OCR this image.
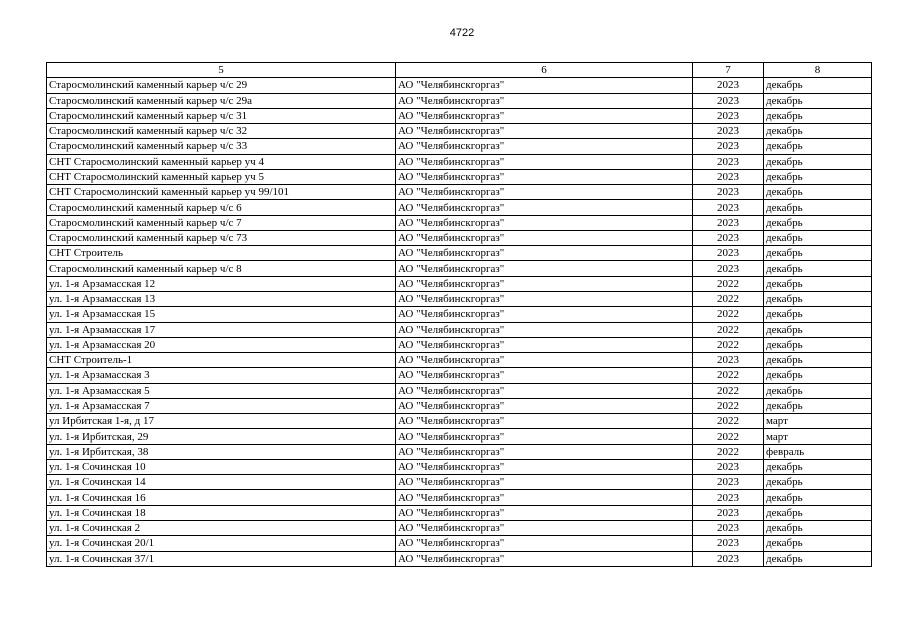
4722
5	6	7	8
Старосмолинский каменный карьер ч/с 29	АО "Челябинскгоргаз"	2023	декабрь
Старосмолинский каменный карьер ч/с 29а	АО "Челябинскгоргаз"	2023	декабрь
Старосмолинский каменный карьер ч/с 31	АО "Челябинскгоргаз"	2023	декабрь
Старосмолинский каменный карьер ч/с 32	АО "Челябинскгоргаз"	2023	декабрь
Старосмолинский каменный карьер ч/с 33	АО "Челябинскгоргаз"	2023	декабрь
СНТ Старосмолинский каменный карьер уч 4	АО "Челябинскгоргаз"	2023	декабрь
СНТ Старосмолинский каменный карьер уч 5	АО "Челябинскгоргаз"	2023	декабрь
СНТ Старосмолинский каменный карьер уч 99/101	АО "Челябинскгоргаз"	2023	декабрь
Старосмолинский каменный карьер ч/с 6	АО "Челябинскгоргаз"	2023	декабрь
Старосмолинский каменный карьер ч/с 7	АО "Челябинскгоргаз"	2023	декабрь
Старосмолинский каменный карьер ч/с 73	АО "Челябинскгоргаз"	2023	декабрь
СНТ Строитель	АО "Челябинскгоргаз"	2023	декабрь
Старосмолинский каменный карьер ч/с 8	АО "Челябинскгоргаз"	2023	декабрь
ул. 1-я Арзамасская 12	АО "Челябинскгоргаз"	2022	декабрь
ул. 1-я Арзамасская 13	АО "Челябинскгоргаз"	2022	декабрь
ул. 1-я Арзамасская 15	АО "Челябинскгоргаз"	2022	декабрь
ул. 1-я Арзамасская 17	АО "Челябинскгоргаз"	2022	декабрь
ул. 1-я Арзамасская 20	АО "Челябинскгоргаз"	2022	декабрь
СНТ Строитель-1	АО "Челябинскгоргаз"	2023	декабрь
ул. 1-я Арзамасская 3	АО "Челябинскгоргаз"	2022	декабрь
ул. 1-я Арзамасская 5	АО "Челябинскгоргаз"	2022	декабрь
ул. 1-я Арзамасская 7	АО "Челябинскгоргаз"	2022	декабрь
ул Ирбитская 1-я, д 17	АО "Челябинскгоргаз"	2022	март
ул. 1-я Ирбитская, 29	АО "Челябинскгоргаз"	2022	март
ул. 1-я Ирбитская, 38	АО "Челябинскгоргаз"	2022	февраль
ул. 1-я Сочинская 10	АО "Челябинскгоргаз"	2023	декабрь
ул. 1-я Сочинская 14	АО "Челябинскгоргаз"	2023	декабрь
ул. 1-я Сочинская 16	АО "Челябинскгоргаз"	2023	декабрь
ул. 1-я Сочинская 18	АО "Челябинскгоргаз"	2023	декабрь
ул. 1-я Сочинская 2	АО "Челябинскгоргаз"	2023	декабрь
ул. 1-я Сочинская 20/1	АО "Челябинскгоргаз"	2023	декабрь
ул. 1-я Сочинская 37/1	АО "Челябинскгоргаз"	2023	декабрь
